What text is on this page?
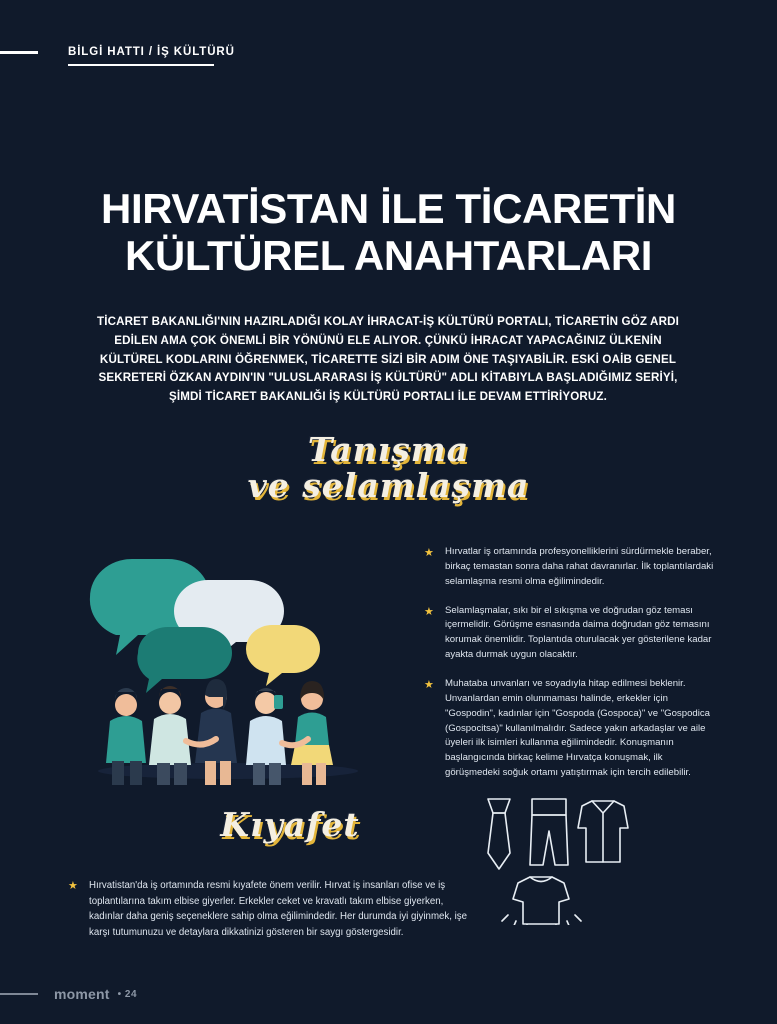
BİLGİ HATTI / İŞ KÜLTÜRÜ
HIRVATİSTAN İLE TİCARETİN
KÜLTÜREL ANAHTARLARI
TİCARET BAKANLIĞI'NIN HAZIRLADIĞI KOLAY İHRACAT-İŞ KÜLTÜRÜ PORTALI, TİCARETİN GÖZ ARDI EDİLEN AMA ÇOK ÖNEMLİ BİR YÖNÜNÜ ELE ALIYOR. ÇÜNKÜ İHRACAT YAPACAĞINIZ ÜLKENİN KÜLTÜREL KODLARINI ÖĞRENMEK, TİCARETTE SİZİ BİR ADIM ÖNE TAŞIYABİLİR. ESKİ OAİB GENEL SEKRETERİ ÖZKAN AYDIN'IN "ULUSLARARASI İŞ KÜLTÜRÜ" ADLI KİTABIYLA BAŞLADIĞIMIZ SERİYİ, ŞİMDİ TİCARET BAKANLIĞI İŞ KÜLTÜRÜ PORTALI İLE DEVAM ETTİRİYORUZ.
Tanışma
ve selamlaşma
★	Hırvatlar iş ortamında profesyonelliklerini sürdürmekle beraber, birkaç temastan sonra daha rahat davranırlar. İlk toplantılardaki selamlaşma resmi olma eğilimindedir.

★	Selamlaşmalar, sıkı bir el sıkışma ve doğrudan göz teması içermelidir. Görüşme esnasında daima doğrudan göz temasını korumak önemlidir. Toplantıda oturulacak yer gösterilene kadar ayakta durmak uygun olacaktır.

★	Muhataba unvanları ve soyadıyla hitap edilmesi beklenir. Unvanlardan emin olunmaması halinde, erkekler için "Gospodin", kadınlar için "Gospoda (Gospoca)" ve "Gospodica (Gospocitsa)" kullanılmalıdır. Sadece yakın arkadaşlar ve aile üyeleri ilk isimleri kullanma eğilimindedir. Konuşmanın başlangıcında birkaç kelime Hırvatça konuşmak, ilk görüşmedeki soğuk ortamı yatıştırmak için tercih edilebilir.

Kıyafet
★	Hırvatistan'da iş ortamında resmi kıyafete önem verilir. Hırvat iş insanları ofise ve iş toplantılarına takım elbise giyerler. Erkekler ceket ve kravatlı takım elbise giyerken, kadınlar daha geniş seçeneklere sahip olma eğilimindedir. Her durumda iyi giyinmek, işe karşı tutumunuzu ve detaylara dikkatinizi gösteren bir saygı göstergesidir.

moment • 24
